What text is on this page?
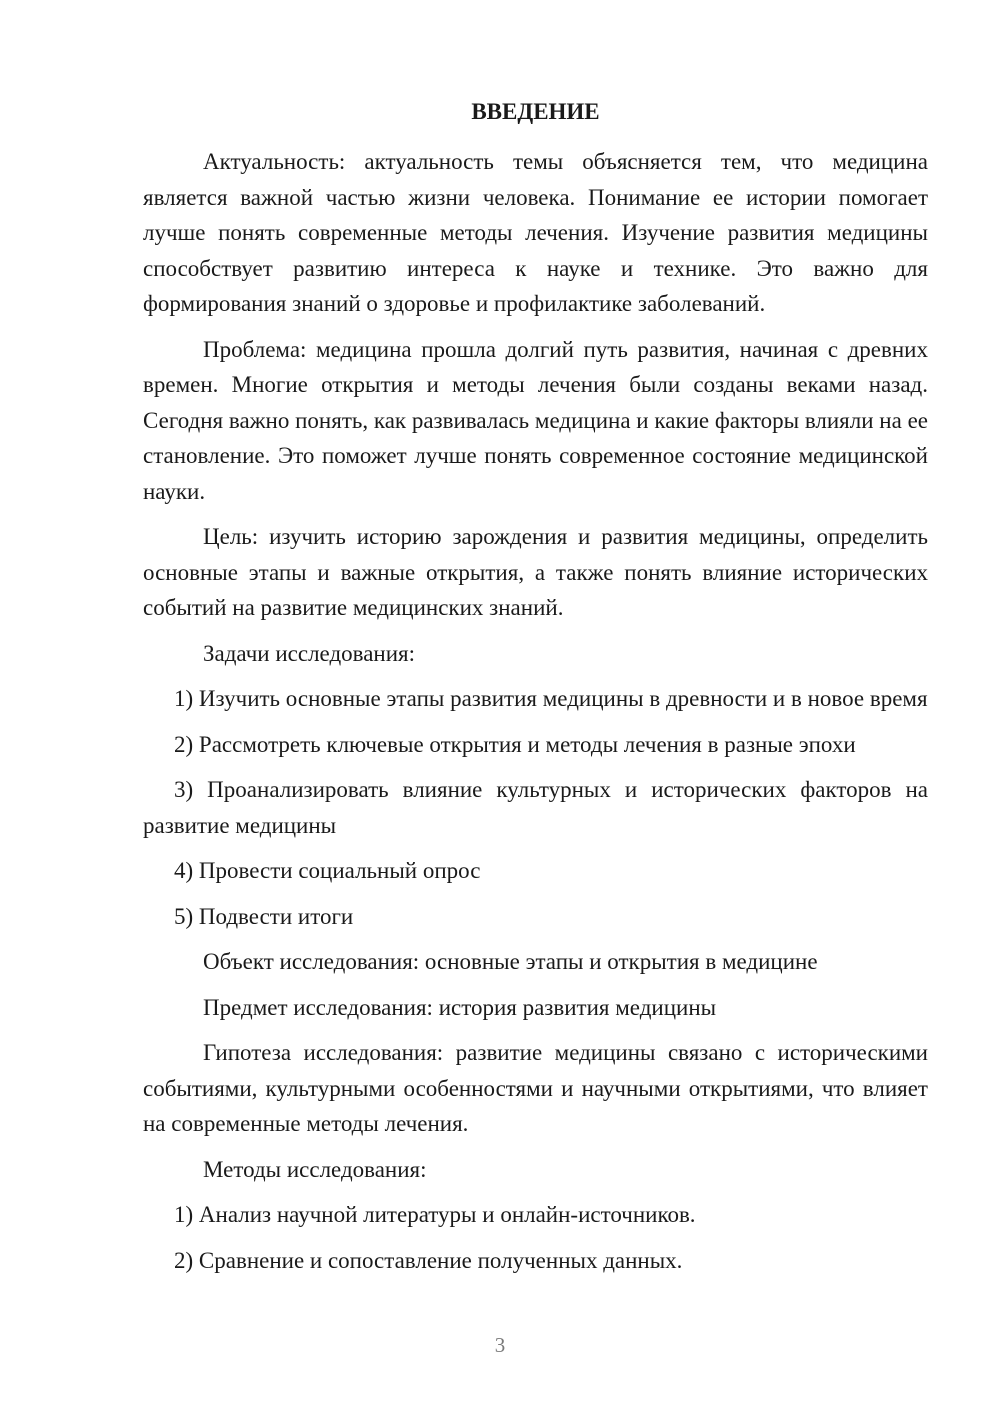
ВВЕДЕНИЕ

Актуальность: актуальность темы объясняется тем, что медицина является важной частью жизни человека. Понимание ее истории помогает лучше понять современные методы лечения. Изучение развития медицины способствует развитию интереса к науке и технике. Это важно для формирования знаний о здоровье и профилактике заболеваний.

Проблема: медицина прошла долгий путь развития, начиная с древних времен. Многие открытия и методы лечения были созданы веками назад. Сегодня важно понять, как развивалась медицина и какие факторы влияли на ее становление. Это поможет лучше понять современное состояние медицинской науки.

Цель: изучить историю зарождения и развития медицины, определить основные этапы и важные открытия, а также понять влияние исторических событий на развитие медицинских знаний.

Задачи исследования:

1) Изучить основные этапы развития медицины в древности и в новое время

2) Рассмотреть ключевые открытия и методы лечения в разные эпохи

3) Проанализировать влияние культурных и исторических факторов на развитие медицины

4) Провести социальный опрос

5) Подвести итоги

Объект исследования: основные этапы и открытия в медицине

Предмет исследования: история развития медицины

Гипотеза исследования: развитие медицины связано с историческими событиями, культурными особенностями и научными открытиями, что влияет на современные методы лечения.

Методы исследования:

1) Анализ научной литературы и онлайн-источников.

2) Сравнение и сопоставление полученных данных.

3
